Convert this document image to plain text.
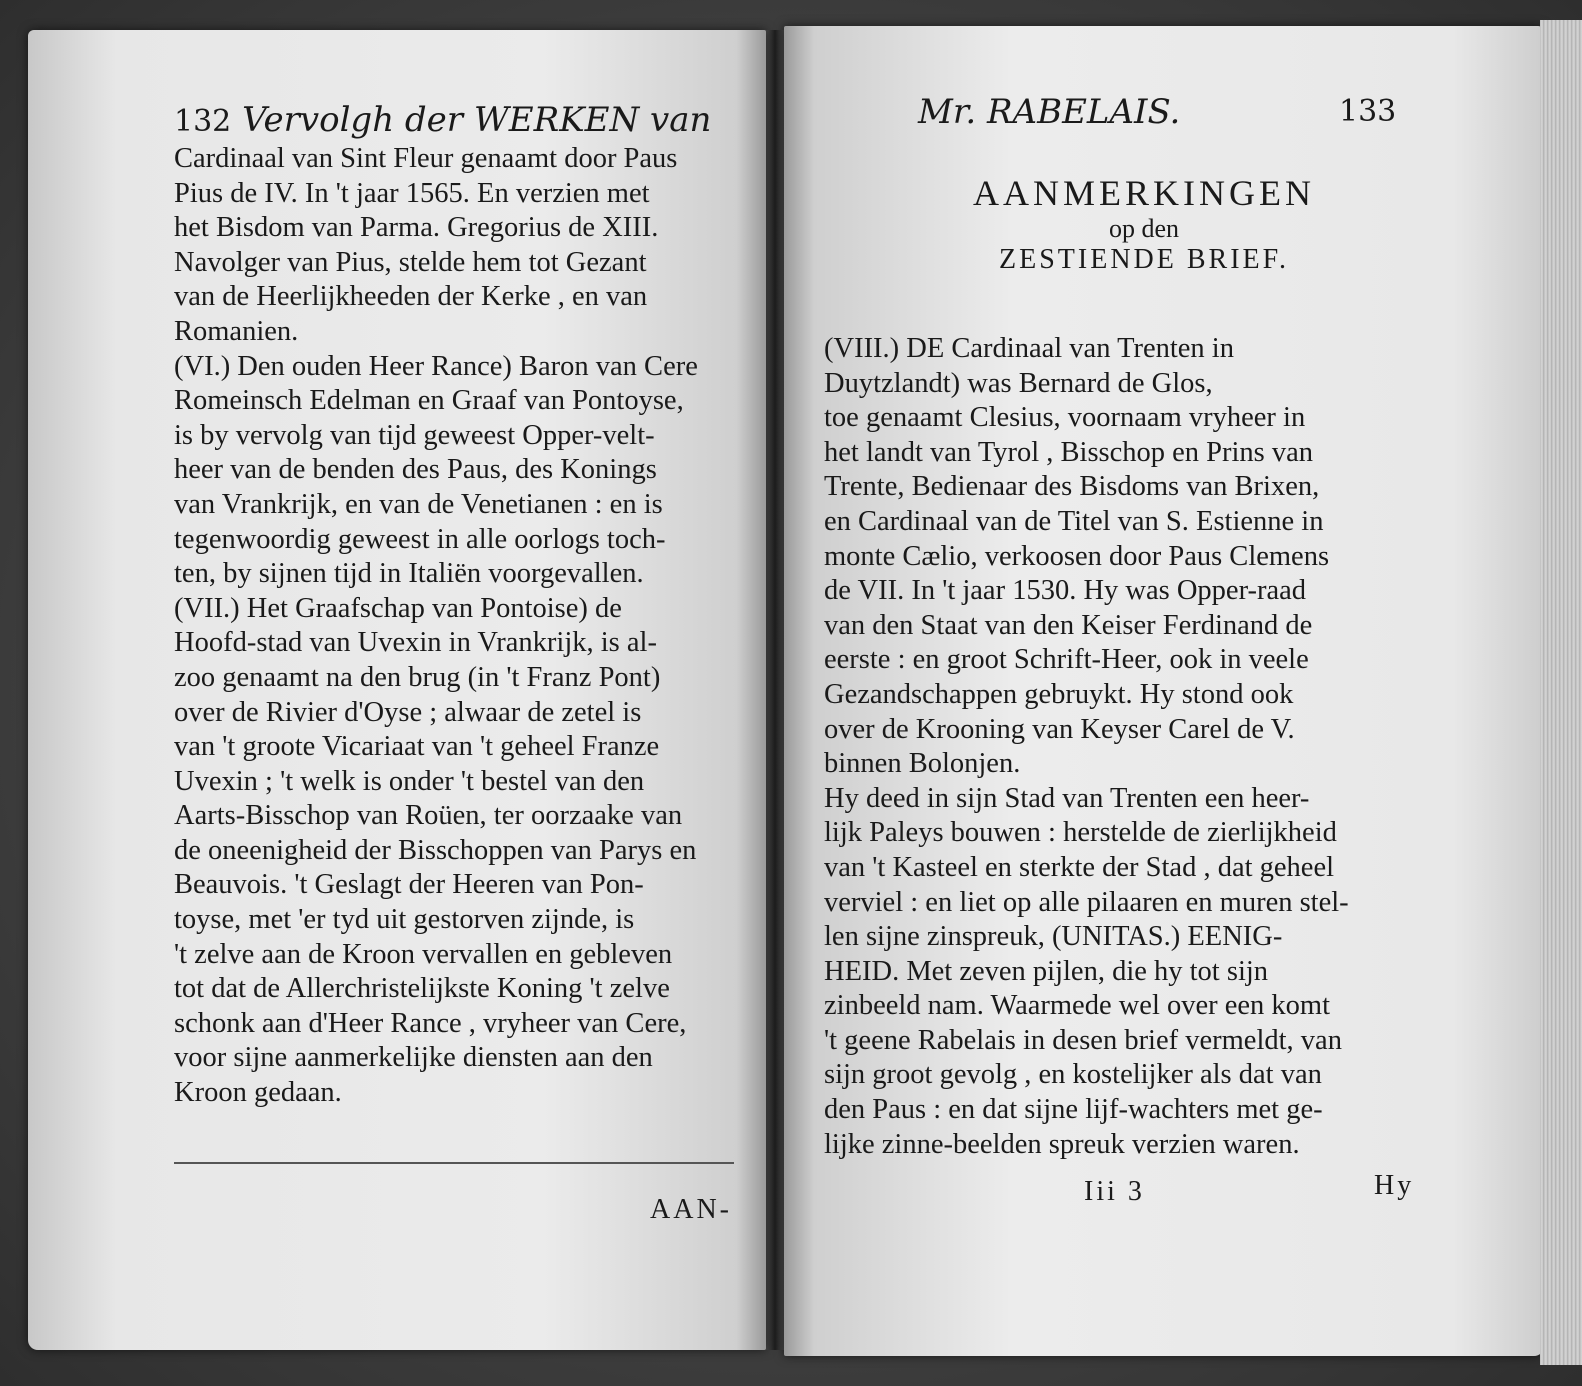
132 Vervolgh der WERKEN van
Cardinaal van Sint Fleur genaamt door Paus
Pius de IV. In 't jaar 1565. En verzien met
het Bisdom van Parma. Gregorius de XIII.
Navolger van Pius, stelde hem tot Gezant
van de Heerlijkheeden der Kerke , en van
Romanien.
(VI.) Den ouden Heer Rance) Baron van Cere
Romeinsch Edelman en Graaf van Pontoyse,
is by vervolg van tijd geweest Opper-velt-
heer van de benden des Paus, des Konings
van Vrankrijk, en van de Venetianen : en is
tegenwoordig geweest in alle oorlogs toch-
ten, by sijnen tijd in Italiën voorgevallen.
(VII.) Het Graafschap van Pontoise) de
Hoofd-stad van Uvexin in Vrankrijk, is al-
zoo genaamt na den brug (in 't Franz Pont)
over de Rivier d'Oyse ; alwaar de zetel is
van 't groote Vicariaat van 't geheel Franze
Uvexin ; 't welk is onder 't bestel van den
Aarts-Bisschop van Roüen, ter oorzaake van
de oneenigheid der Bisschoppen van Parys en
Beauvois. 't Geslagt der Heeren van Pon-
toyse, met 'er tyd uit gestorven zijnde, is
't zelve aan de Kroon vervallen en gebleven
tot dat de Allerchristelijkste Koning 't zelve
schonk aan d'Heer Rance , vryheer van Cere,
voor sijne aanmerkelijke diensten aan den
Kroon gedaan.
AAN-
Mr. RABELAIS.	133
AANMERKINGEN
op den
ZESTIENDE BRIEF.
(VIII.) DE Cardinaal van Trenten in
Duytzlandt) was Bernard de Glos,
toe genaamt Clesius, voornaam vryheer in
het landt van Tyrol , Bisschop en Prins van
Trente, Bedienaar des Bisdoms van Brixen,
en Cardinaal van de Titel van S. Estienne in
monte Cælio, verkoosen door Paus Clemens
de VII. In 't jaar 1530. Hy was Opper-raad
van den Staat van den Keiser Ferdinand de
eerste : en groot Schrift-Heer, ook in veele
Gezandschappen gebruykt. Hy stond ook
over de Krooning van Keyser Carel de V.
binnen Bolonjen.
Hy deed in sijn Stad van Trenten een heer-
lijk Paleys bouwen : herstelde de zierlijkheid
van 't Kasteel en sterkte der Stad , dat geheel
verviel : en liet op alle pilaaren en muren stel-
len sijne zinspreuk, (UNITAS.) EENIG-
HEID. Met zeven pijlen, die hy tot sijn
zinbeeld nam. Waarmede wel over een komt
't geene Rabelais in desen brief vermeldt, van
sijn groot gevolg , en kostelijker als dat van
den Paus : en dat sijne lijf-wachters met ge-
lijke zinne-beelden spreuk verzien waren.
Iii 3	Hy
